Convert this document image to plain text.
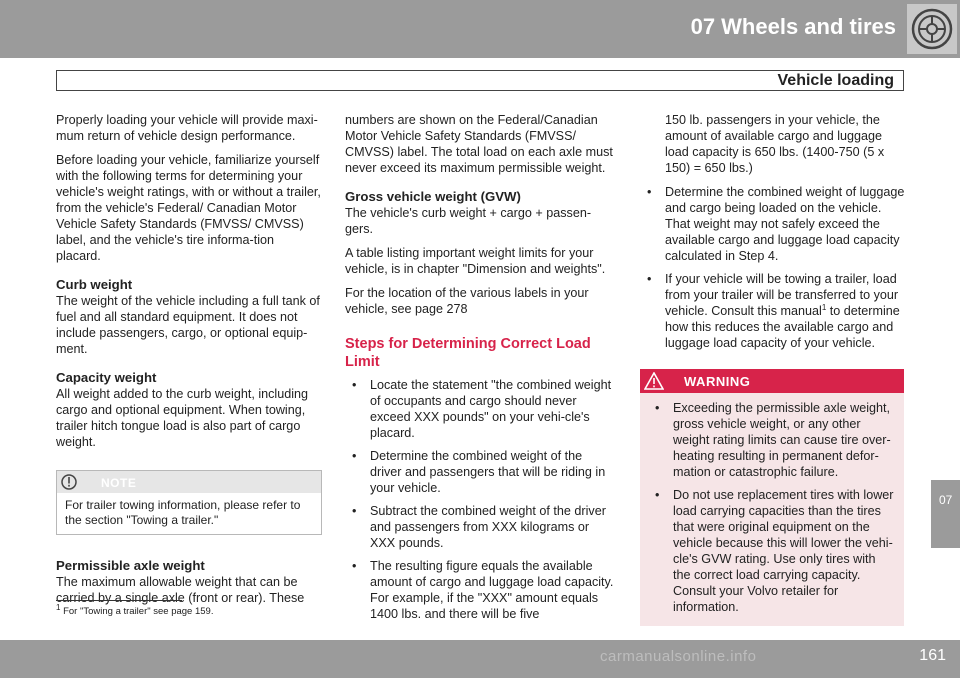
07 Wheels and tires
Vehicle loading

Properly loading your vehicle will provide maxi-mum return of vehicle design performance.

Before loading your vehicle, familiarize yourself with the following terms for determining your vehicle's weight ratings, with or without a trailer, from the vehicle's Federal/ Canadian Motor Vehicle Safety Standards (FMVSS/ CMVSS) label, and the vehicle's tire informa-tion placard.

Curb weight

The weight of the vehicle including a full tank of fuel and all standard equipment. It does not include passengers, cargo, or optional equip-ment.

Capacity weight

All weight added to the curb weight, including cargo and optional equipment. When towing, trailer hitch tongue load is also part of cargo weight.

NOTE
For trailer towing information, please refer to the section "Towing a trailer."
Permissible axle weight

The maximum allowable weight that can be carried by a single axle (front or rear). These

numbers are shown on the Federal/Canadian Motor Vehicle Safety Standards (FMVSS/ CMVSS) label. The total load on each axle must never exceed its maximum permissible weight.

Gross vehicle weight (GVW)

The vehicle's curb weight + cargo + passen-gers.

A table listing important weight limits for your vehicle, is in chapter "Dimension and weights".

For the location of the various labels in your vehicle, see page 278

Steps for Determining Correct Load Limit
• Locate the statement "the combined weight of occupants and cargo should never exceed XXX pounds" on your vehi-cle's placard.
• Determine the combined weight of the driver and passengers that will be riding in your vehicle.
• Subtract the combined weight of the driver and passengers from XXX kilograms or XXX pounds.
• The resulting figure equals the available amount of cargo and luggage load capacity. For example, if the "XXX" amount equals 1400 lbs. and there will be five

150 lb. passengers in your vehicle, the amount of available cargo and luggage load capacity is 650 lbs. (1400-750 (5 x 150) = 650 lbs.)

• Determine the combined weight of luggage and cargo being loaded on the vehicle. That weight may not safely exceed the available cargo and luggage load capacity calculated in Step 4.
• If your vehicle will be towing a trailer, load from your trailer will be transferred to your vehicle. Consult this manual$^1$ to determine how this reduces the available cargo and luggage load capacity of your vehicle.
WARNING
• Exceeding the permissible axle weight, gross vehicle weight, or any other weight rating limits can cause tire over-heating resulting in permanent defor-mation or catastrophic failure.
• Do not use replacement tires with lower load carrying capacities than the tires that were original equipment on the vehicle because this will lower the vehi-cle's GVW rating. Use only tires with the correct load carrying capacity. Consult your Volvo retailer for information.
$^1$ For "Towing a trailer" see page 159.
07
carmanualsonline.info	161
